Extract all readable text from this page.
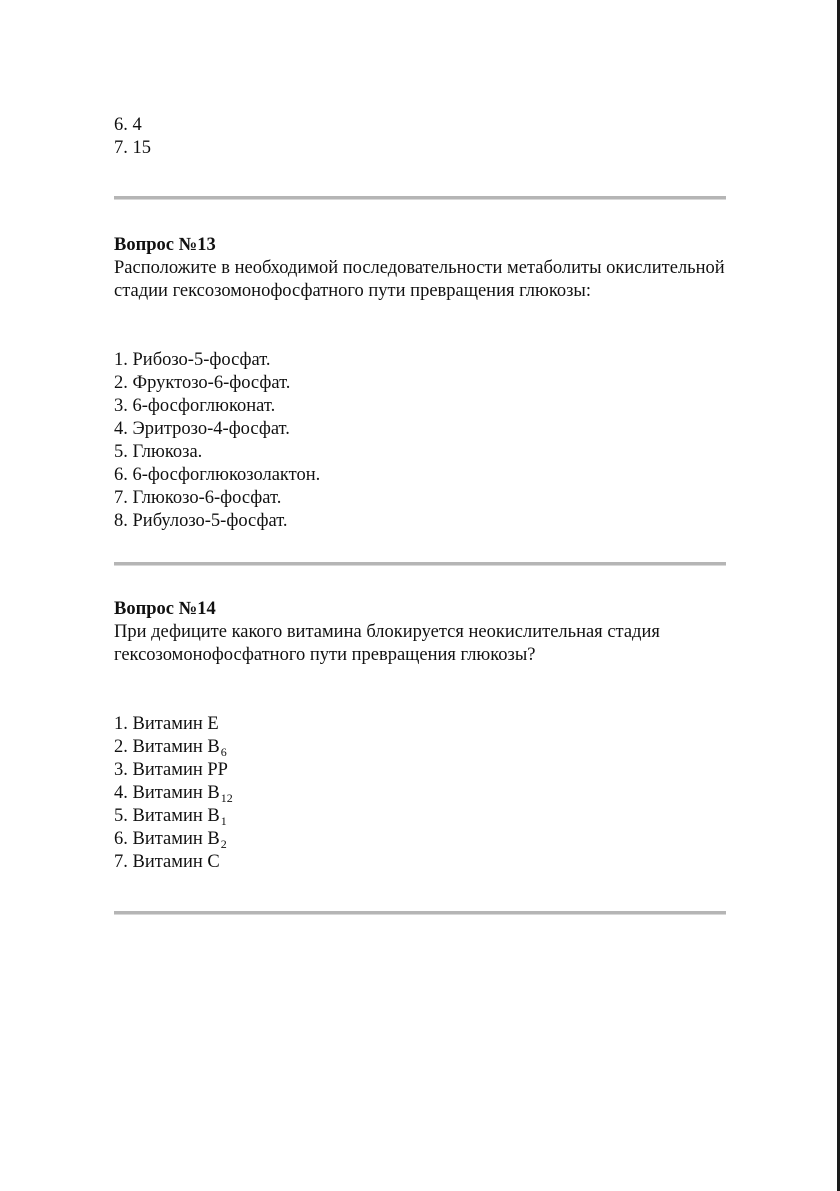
6. 4
7. 15
Вопрос №13
Расположите в необходимой последовательности метаболиты окислительной стадии гексозомонофосфатного пути превращения глюкозы:
1. Рибозо-5-фосфат.
2. Фруктозо-6-фосфат.
3. 6-фосфоглюконат.
4. Эритрозо-4-фосфат.
5. Глюкоза.
6. 6-фосфоглюкозолактон.
7. Глюкозо-6-фосфат.
8. Рибулозо-5-фосфат.
Вопрос №14
При дефиците какого витамина блокируется неокислительная стадия гексозомонофосфатного пути превращения глюкозы?
1. Витамин E
2. Витамин $B_6$
3. Витамин PP
4. Витамин $B_{12}$
5. Витамин $B_1$
6. Витамин $B_2$
7. Витамин C
